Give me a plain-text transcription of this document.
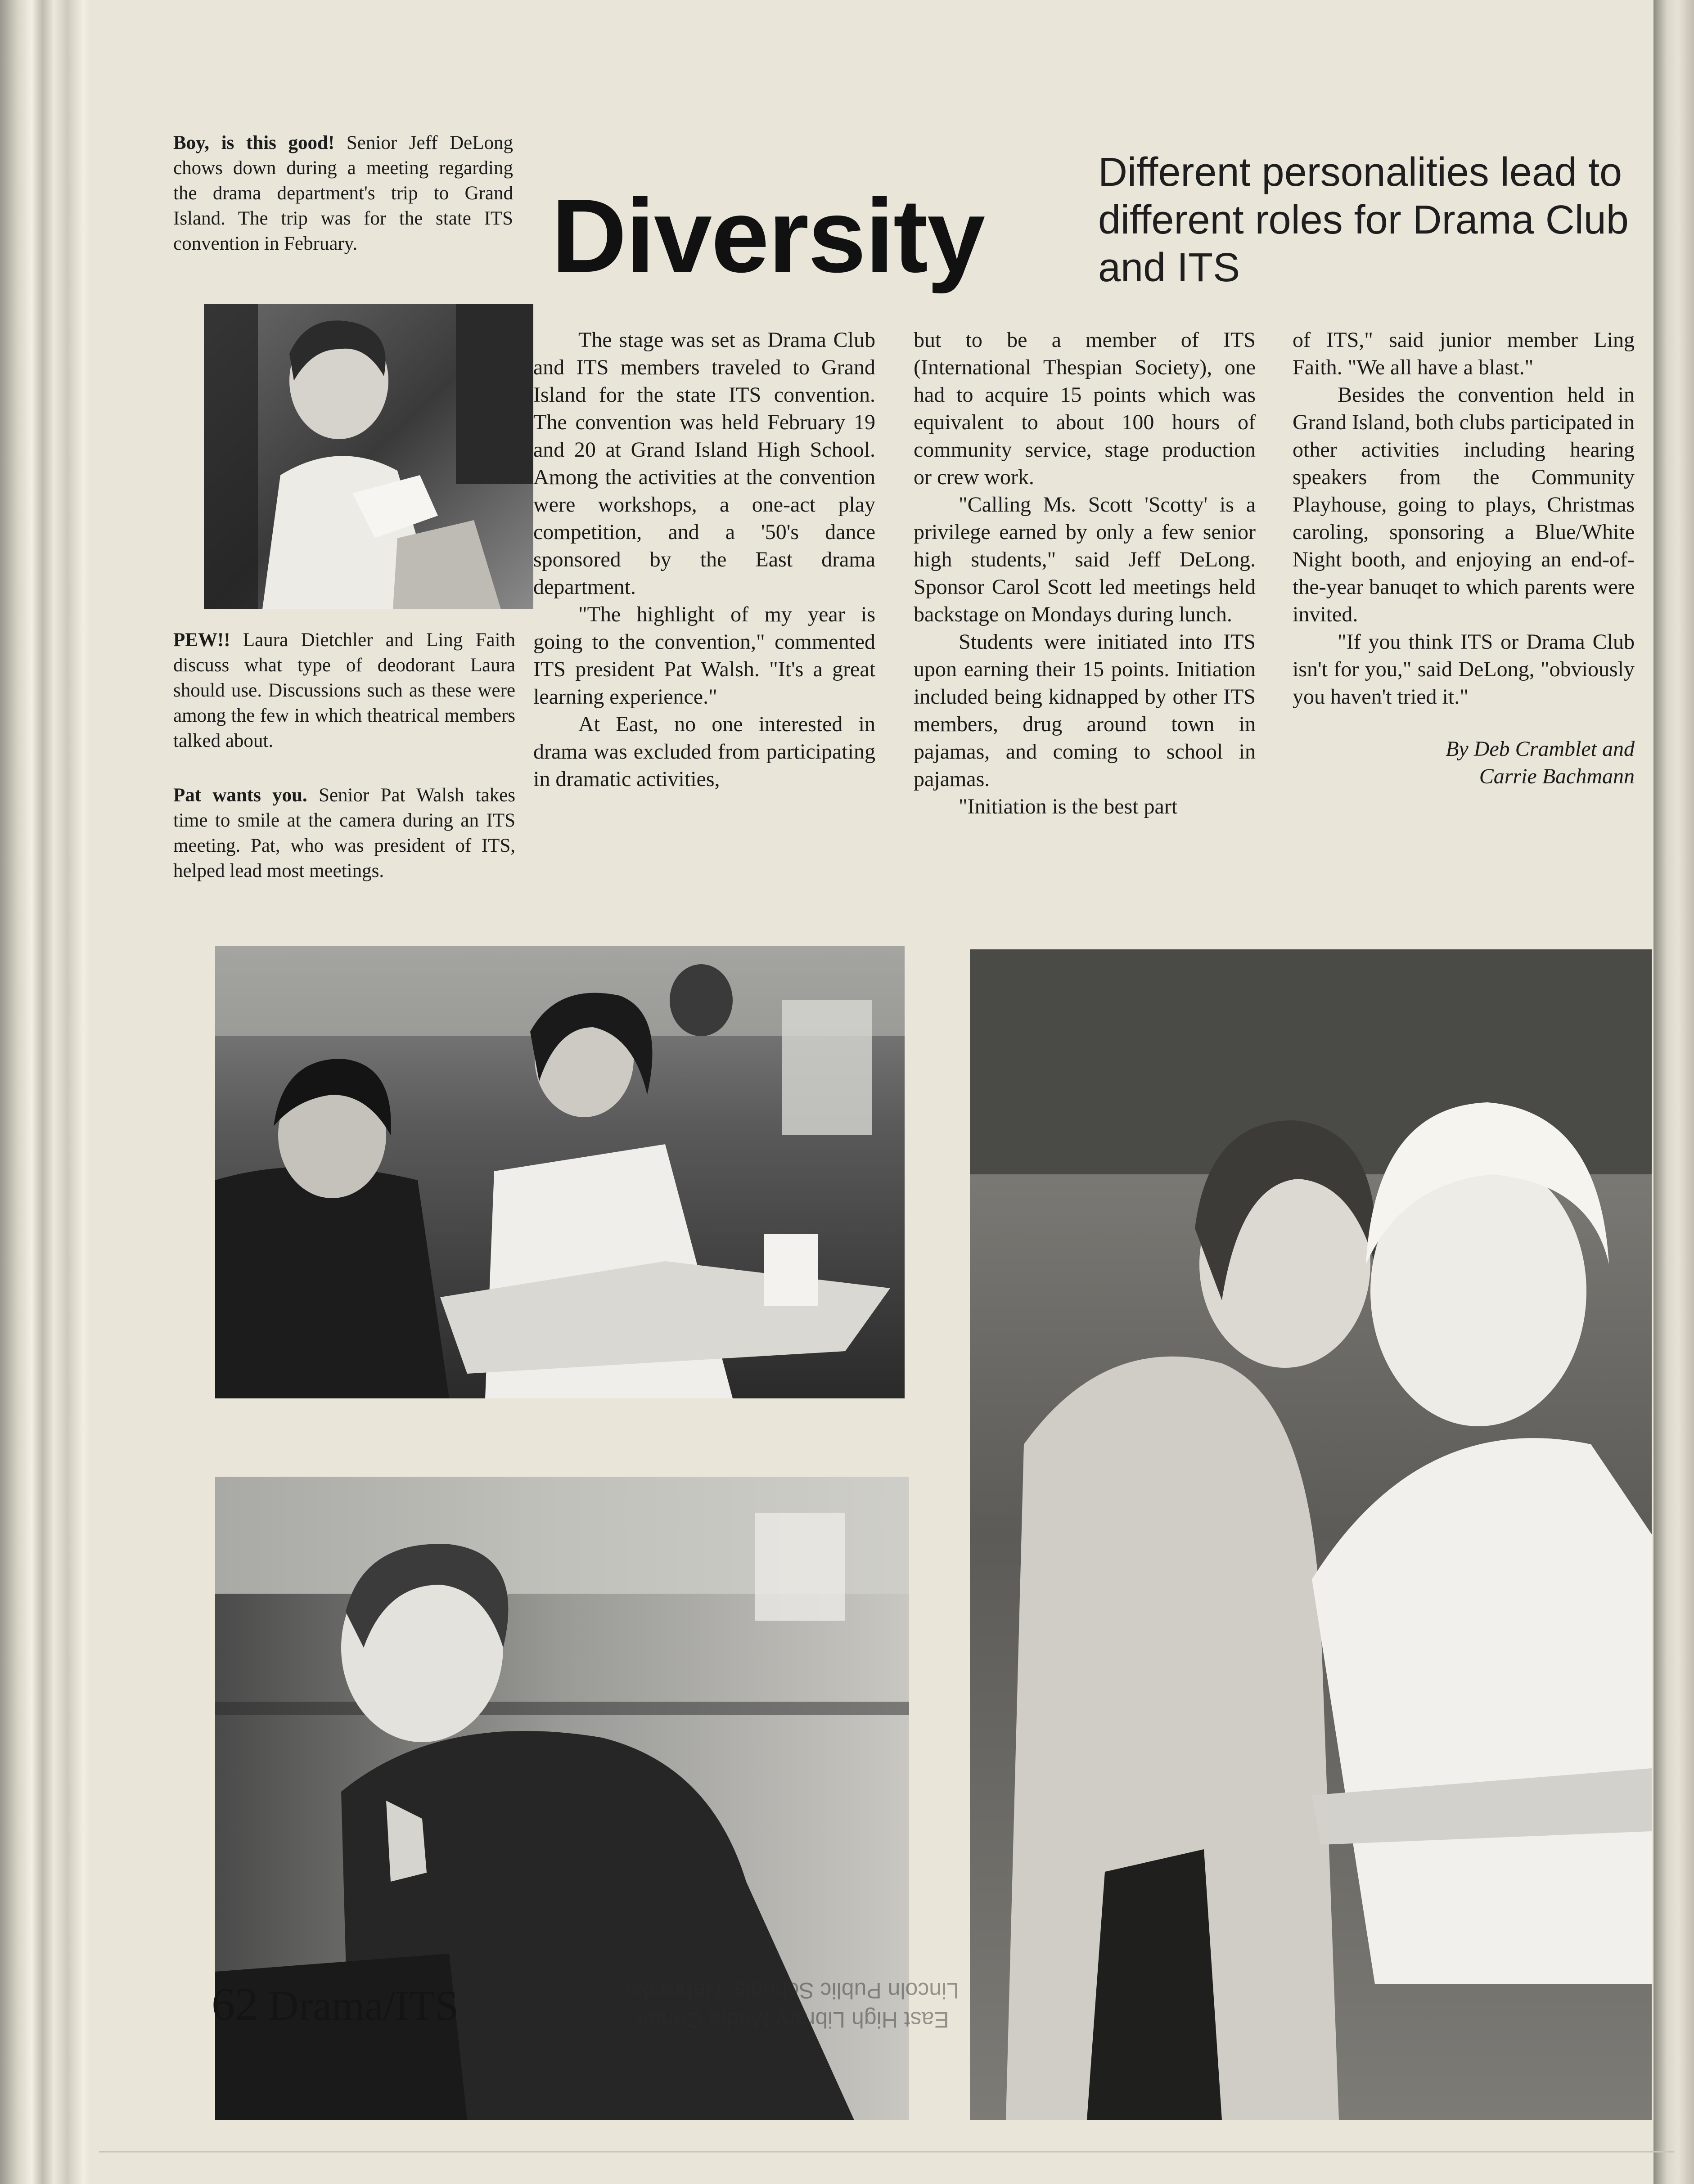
Boy, is this good! Senior Jeff DeLong chows down during a meeting regarding the drama department's trip to Grand Island. The trip was for the state ITS convention in February.

PEW!! Laura Dietchler and Ling Faith discuss what type of deodorant Laura should use. Discussions such as these were among the few in which theatrical members talked about.

Pat wants you. Senior Pat Walsh takes time to smile at the camera during an ITS meeting. Pat, who was president of ITS, helped lead most meetings.

Diversity

Different personalities lead to different roles for Drama Club and ITS

The stage was set as Drama Club and ITS members traveled to Grand Island for the state ITS convention. The convention was held February 19 and 20 at Grand Island High School. Among the activities at the convention were workshops, a one-act play competition, and a '50's dance sponsored by the East drama department.

"The highlight of my year is going to the convention," commented ITS president Pat Walsh. "It's a great learning experience."

At East, no one interested in drama was excluded from participating in dramatic activities,

but to be a member of ITS (International Thespian Society), one had to acquire 15 points which was equivalent to about 100 hours of community service, stage production or crew work.

"Calling Ms. Scott 'Scotty' is a privilege earned by only a few senior high students," said Jeff DeLong. Sponsor Carol Scott led meetings held backstage on Mondays during lunch.

Students were initiated into ITS upon earning their 15 points. Initiation included being kidnapped by other ITS members, drug around town in pajamas, and coming to school in pajamas.

"Initiation is the best part

of ITS," said junior member Ling Faith. "We all have a blast."

Besides the convention held in Grand Island, both clubs participated in other activities including hearing speakers from the Community Playhouse, going to plays, Christmas caroling, sponsoring a Blue/White Night booth, and enjoying an end-of-the-year banuqet to which parents were invited.

"If you think ITS or Drama Club isn't for you," said DeLong, "obviously you haven't tried it."

By Deb Cramblet and
Carrie Bachmann

62 Drama/ITS	East High Library Media Center
Lincoln Public Schools, Nebraska
